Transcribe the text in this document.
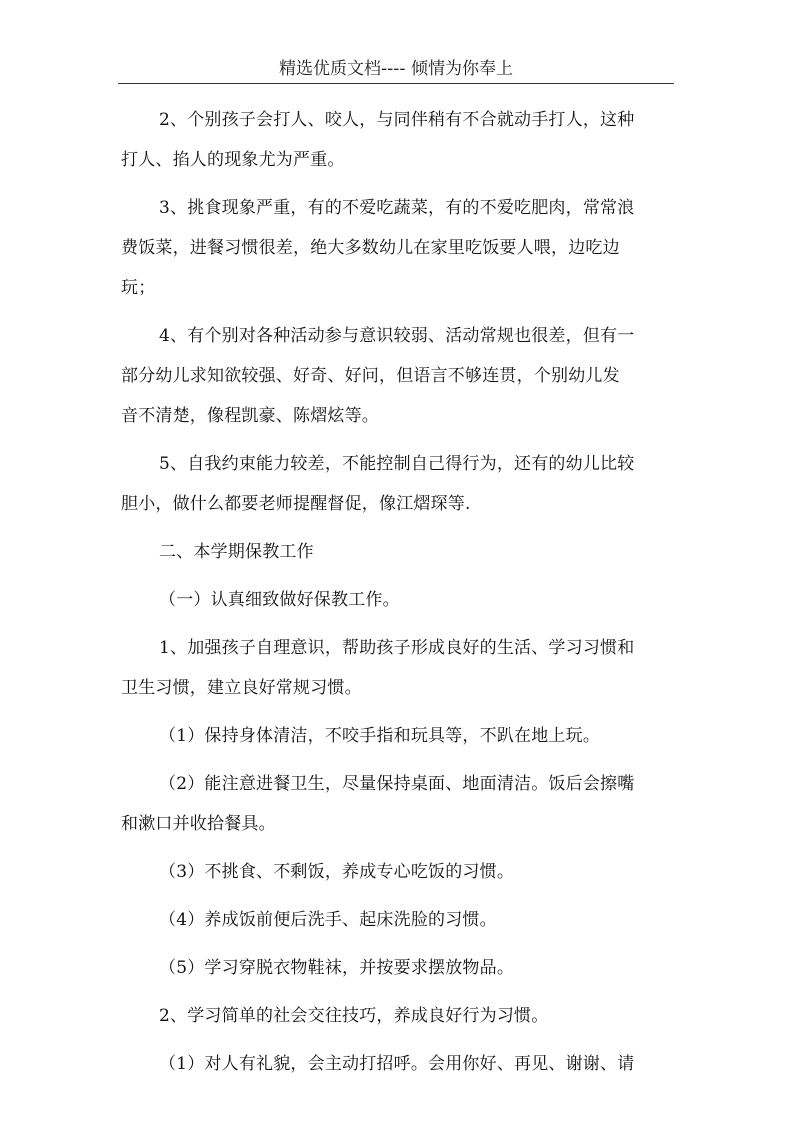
精选优质文档---- 倾情为你奉上
2、个别孩子会打人、咬人，与同伴稍有不合就动手打人，这种
打人、掐人的现象尤为严重。
3、挑食现象严重，有的不爱吃蔬菜，有的不爱吃肥肉，常常浪
费饭菜，进餐习惯很差，绝大多数幼儿在家里吃饭要人喂，边吃边
玩；
4、有个别对各种活动参与意识较弱、活动常规也很差，但有一
部分幼儿求知欲较强、好奇、好问，但语言不够连贯，个别幼儿发
音不清楚，像程凯豪、陈熠炫等。
5、自我约束能力较差，不能控制自己得行为，还有的幼儿比较
胆小，做什么都要老师提醒督促，像江熠琛等.
二、本学期保教工作
（一）认真细致做好保教工作。
1、加强孩子自理意识，帮助孩子形成良好的生活、学习习惯和
卫生习惯，建立良好常规习惯。
（1）保持身体清洁，不咬手指和玩具等，不趴在地上玩。
（2）能注意进餐卫生，尽量保持桌面、地面清洁。饭后会擦嘴
和漱口并收拾餐具。
（3）不挑食、不剩饭，养成专心吃饭的习惯。
（4）养成饭前便后洗手、起床洗脸的习惯。
（5）学习穿脱衣物鞋袜，并按要求摆放物品。
2、学习简单的社会交往技巧，养成良好行为习惯。
（1）对人有礼貌，会主动打招呼。会用你好、再见、谢谢、请
